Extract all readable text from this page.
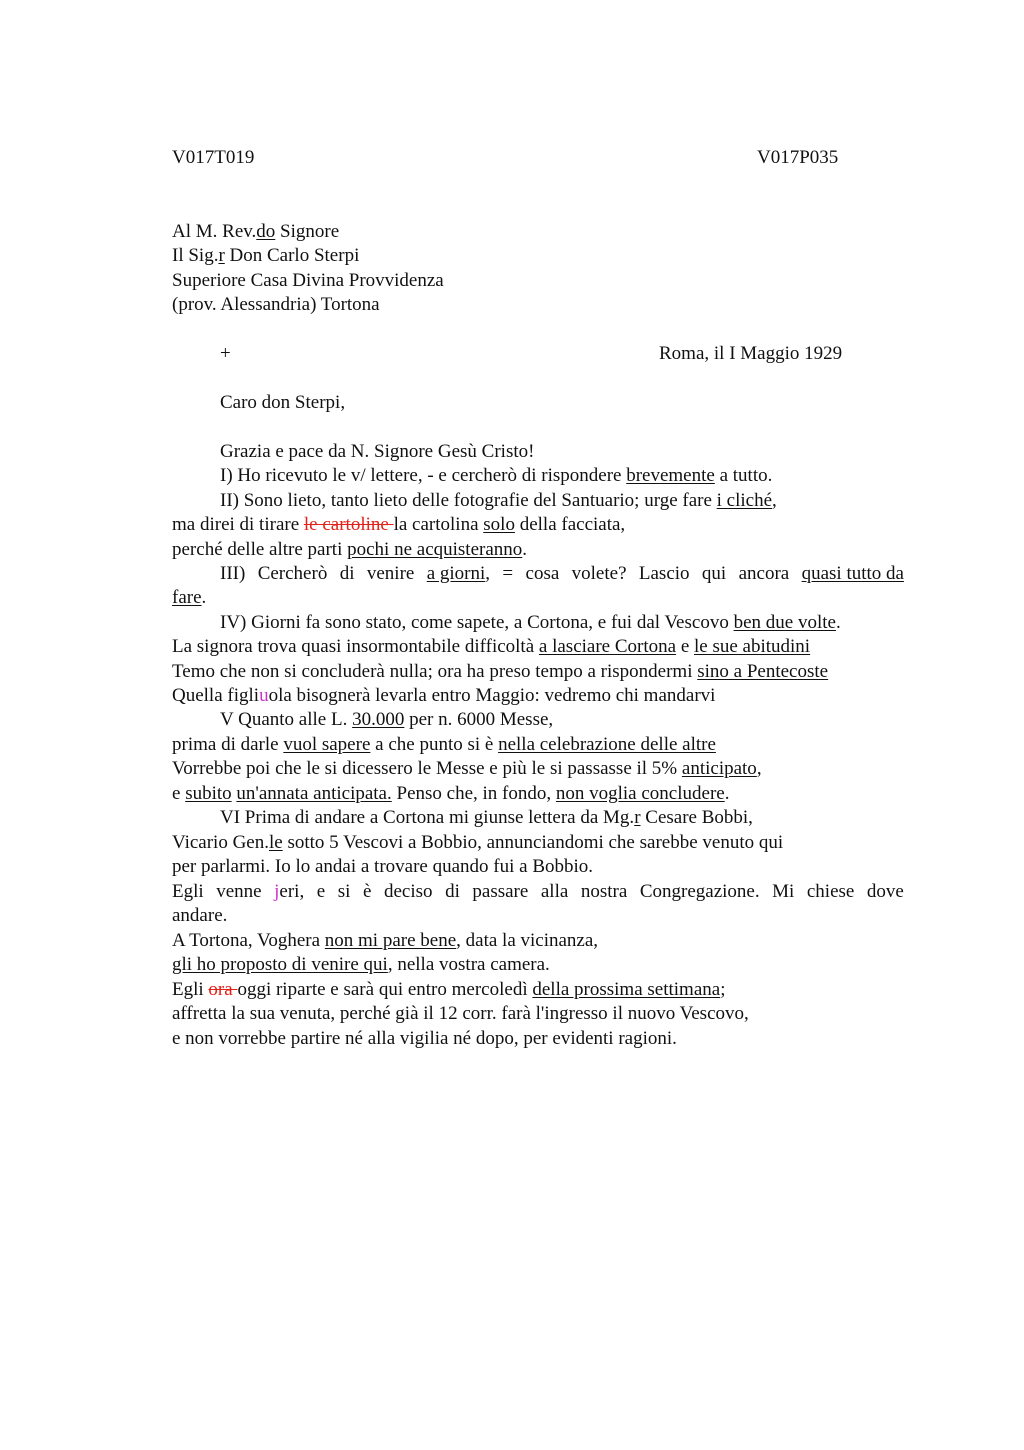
V017T019	V017P035
Al M. Rev.do Signore
Il Sig.r Don Carlo Sterpi
Superiore Casa Divina Provvidenza
(prov. Alessandria) Tortona
+	Roma, il I Maggio 1929
Caro don Sterpi,
Grazia e pace da N. Signore Gesù Cristo!
I) Ho ricevuto le v/ lettere, - e cercherò di rispondere brevemente a tutto.
II) Sono lieto, tanto lieto delle fotografie del Santuario; urge fare i cliché,
ma direi di tirare le cartoline la cartolina solo della facciata,
perché delle altre parti pochi ne acquisteranno.
III) Cercherò di venire a giorni, = cosa volete? Lascio qui ancora quasi tutto da
fare.
IV) Giorni fa sono stato, come sapete, a Cortona, e fui dal Vescovo ben due volte.
La signora trova quasi insormontabile difficoltà a lasciare Cortona e le sue abitudini
Temo che non si concluderà nulla; ora ha preso tempo a rispondermi sino a Pentecoste
Quella figliuola bisognerà levarla entro Maggio: vedremo chi mandarvi
V Quanto alle L. 30.000 per n. 6000 Messe,
prima di darle vuol sapere a che punto si è nella celebrazione delle altre
Vorrebbe poi che le si dicessero le Messe e più le si passasse il 5% anticipato,
e subito un'annata anticipata. Penso che, in fondo, non voglia concludere.
VI Prima di andare a Cortona mi giunse lettera da Mg.r Cesare Bobbi,
Vicario Gen.le sotto 5 Vescovi a Bobbio, annunciandomi che sarebbe venuto qui
per parlarmi. Io lo andai a trovare quando fui a Bobbio.
Egli venne jeri, e si è deciso di passare alla nostra Congregazione. Mi chiese dove
andare.
A Tortona, Voghera non mi pare bene, data la vicinanza,
gli ho proposto di venire qui, nella vostra camera.
Egli ora oggi riparte e sarà qui entro mercoledì della prossima settimana;
affretta la sua venuta, perché già il 12 corr. farà l'ingresso il nuovo Vescovo,
e non vorrebbe partire né alla vigilia né dopo, per evidenti ragioni.
